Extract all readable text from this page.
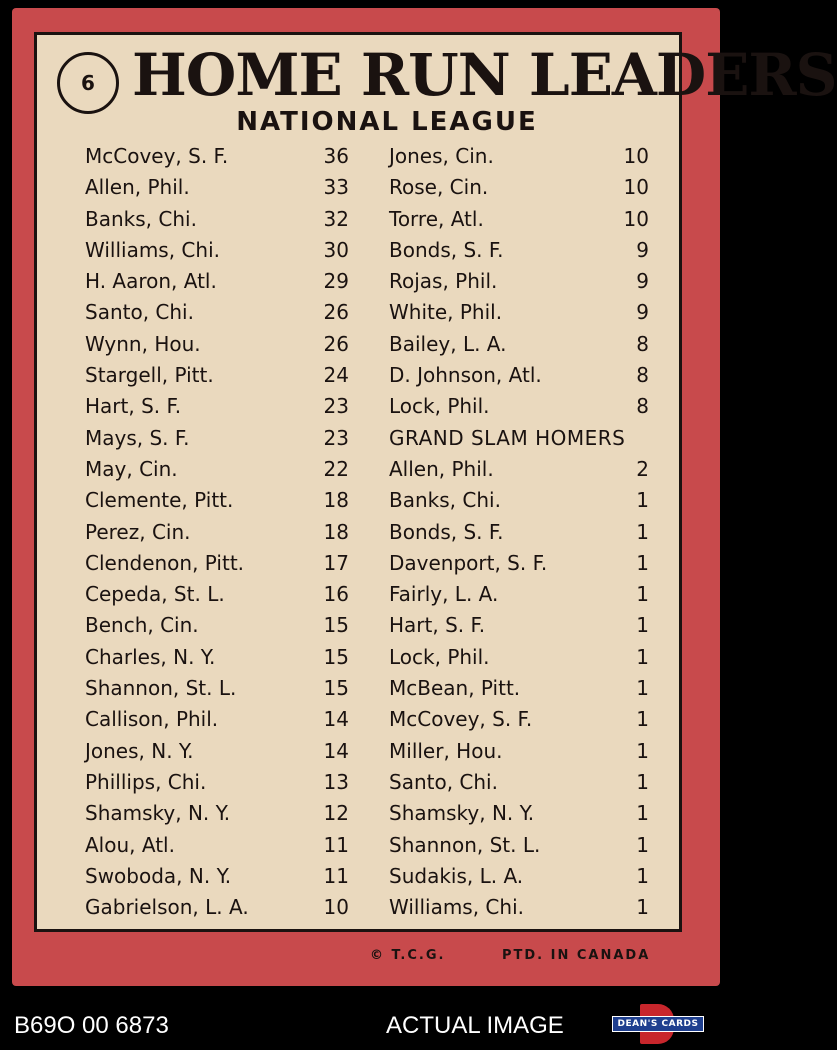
6 HOME RUN LEADERS
NATIONAL LEAGUE
McCovey, S. F.	36
Allen, Phil.	33
Banks, Chi.	32
Williams, Chi.	30
H. Aaron, Atl.	29
Santo, Chi.	26
Wynn, Hou.	26
Stargell, Pitt.	24
Hart, S. F.	23
Mays, S. F.	23
May, Cin.	22
Clemente, Pitt.	18
Perez, Cin.	18
Clendenon, Pitt.	17
Cepeda, St. L.	16
Bench, Cin.	15
Charles, N. Y.	15
Shannon, St. L.	15
Callison, Phil.	14
Jones, N. Y.	14
Phillips, Chi.	13
Shamsky, N. Y.	12
Alou, Atl.	11
Swoboda, N. Y.	11
Gabrielson, L. A.	10
Jones, Cin.	10
Rose, Cin.	10
Torre, Atl.	10
Bonds, S. F.	9
Rojas, Phil.	9
White, Phil.	9
Bailey, L. A.	8
D. Johnson, Atl.	8
Lock, Phil.	8
GRAND SLAM HOMERS
Allen, Phil.	2
Banks, Chi.	1
Bonds, S. F.	1
Davenport, S. F.	1
Fairly, L. A.	1
Hart, S. F.	1
Lock, Phil.	1
McBean, Pitt.	1
McCovey, S. F.	1
Miller, Hou.	1
Santo, Chi.	1
Shamsky, N. Y.	1
Shannon, St. L.	1
Sudakis, L. A.	1
Williams, Chi.	1
© T.C.G.	PTD. IN CANADA
B69O 00 6873	ACTUAL IMAGE	DEAN'S CARDS
